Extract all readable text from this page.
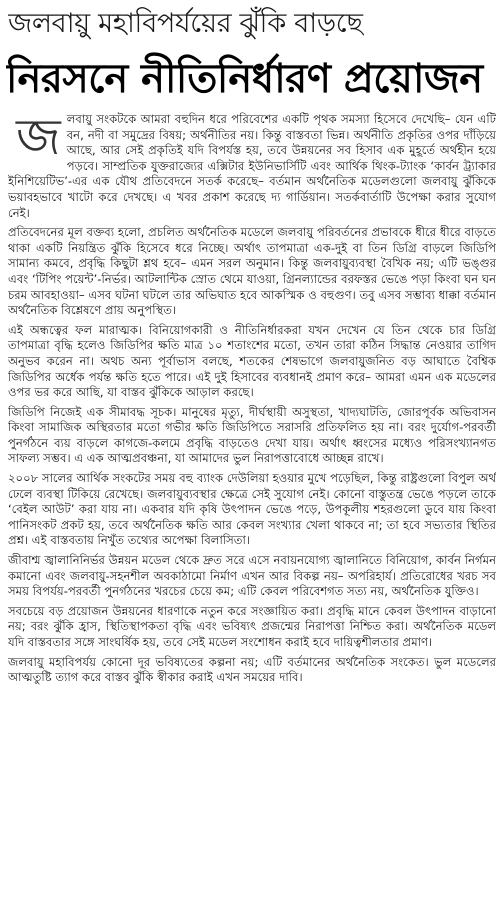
জলবায়ু মহাবিপর্যয়ের ঝুঁকি বাড়ছে
নিরসনে নীতিনির্ধারণ প্রয়োজন

জলবায়ু সংকটকে আমরা বহুদিন ধরে পরিবেশের একটি পৃথক সমস্যা হিসেবে দেখেছি– যেন এটি বন, নদী বা সমুদ্রের বিষয়; অর্থনীতির নয়। কিন্তু বাস্তবতা ভিন্ন। অর্থনীতি প্রকৃতির ওপর দাঁড়িয়ে আছে, আর সেই প্রকৃতিই যদি বিপর্যস্ত হয়, তবে উন্নয়নের সব হিসাব এক মুহূর্তে অর্থহীন হয়ে পড়বে। সাম্প্রতিক যুক্তরাজ্যের এক্সিটার ইউনিভার্সিটি এবং আর্থিক থিংক-ট্যাংক ‘কার্বন ট্র্যাকার ইনিশিয়েটিভ’-এর এক যৌথ প্রতিবেদনে সতর্ক করেছে– বর্তমান অর্থনৈতিক মডেলগুলো জলবায়ু ঝুঁকিকে ভয়াবহভাবে খাটো করে দেখছে। এ খবর প্রকাশ করেছে দ্য গার্ডিয়ান। সতর্কবার্তাটি উপেক্ষা করার সুযোগ নেই।

প্রতিবেদনের মূল বক্তব্য হলো, প্রচলিত অর্থনৈতিক মডেলে জলবায়ু পরিবর্তনের প্রভাবকে ধীরে ধীরে বাড়তে থাকা একটি নিয়ন্ত্রিত ঝুঁকি হিসেবে ধরে নিচ্ছে। অর্থাৎ তাপমাত্রা এক-দুই বা তিন ডিগ্রি বাড়লে জিডিপি সামান্য কমবে, প্রবৃদ্ধি কিছুটা শ্লথ হবে– এমন সরল অনুমান। কিন্তু জলবায়ুব্যবস্থা বৈখিক নয়; এটি ভঙ্গুর এবং ‘টিপিং পয়েন্ট’-নির্ভর। আটলান্টিক স্রোত থেমে যাওয়া, গ্রিনল্যান্ডের বরফস্তর ভেঙে পড়া কিংবা ঘন ঘন চরম আবহাওয়া– এসব ঘটনা ঘটলে তার অভিঘাত হবে আকস্মিক ও বহুগুণ। তবু এসব সম্ভাব্য ধাক্কা বর্তমান অর্থনৈতিক বিশ্লেষণে প্রায় অনুপস্থিত।

এই অন্ধত্বের ফল মারাত্মক। বিনিয়োগকারী ও নীতিনির্ধারকরা যখন দেখেন যে তিন থেকে চার ডিগ্রি তাপমাত্রা বৃদ্ধি হলেও জিডিপির ক্ষতি মাত্র ১০ শতাংশের মতো, তখন তারা কঠিন সিদ্ধান্ত নেওয়ার তাগিদ অনুভব করেন না। অথচ অন্য পূর্বাভাস বলছে, শতকের শেষভাগে জলবায়ুজনিত বড় আঘাতে বৈশ্বিক জিডিপির অর্ধেক পর্যন্ত ক্ষতি হতে পারে। এই দুই হিসাবের ব্যবধানই প্রমাণ করে– আমরা এমন এক মডেলের ওপর ভর করে আছি, যা বাস্তব ঝুঁকিকে আড়াল করছে।

জিডিপি নিজেই এক সীমাবদ্ধ সূচক। মানুষের মৃত্যু, দীর্ঘস্থায়ী অসুস্থতা, খাদ্যঘাটতি, জোরপূর্বক অভিবাসন কিংবা সামাজিক অস্থিরতার মতো গভীর ক্ষতি জিডিপিতে সরাসরি প্রতিফলিত হয় না। বরং দুর্যোগ-পরবর্তী পুনর্গঠনে ব্যয় বাড়লে কাগজে-কলমে প্রবৃদ্ধি বাড়তেও দেখা যায়। অর্থাৎ ধ্বংসের মধ্যেও পরিসংখ্যানগত সাফল্য সম্ভব। এ এক আত্মপ্রবঞ্চনা, যা আমাদের ভুল নিরাপত্তাবোধে আচ্ছন্ন রাখে।

২০০৮ সালের আর্থিক সংকটের সময় বহু ব্যাংক দেউলিয়া হওয়ার মুখে পড়েছিল, কিন্তু রাষ্ট্রগুলো বিপুল অর্থ ঢেলে ব্যবস্থা টিকিয়ে রেখেছে। জলবায়ুব্যবস্থার ক্ষেত্রে সেই সুযোগ নেই। কোনো বাস্তুতন্ত্র ভেঙে পড়লে তাকে ‘বেইল আউট’ করা যায় না। একবার যদি কৃষি উৎপাদন ভেঙে পড়ে, উপকূলীয় শহরগুলো ডুবে যায় কিংবা পানিসংকট প্রকট হয়, তবে অর্থনৈতিক ক্ষতি আর কেবল সংখ্যার খেলা থাকবে না; তা হবে সভ্যতার স্থিতির প্রশ্ন। এই বাস্তবতায় নিখুঁত তথ্যের অপেক্ষা বিলাসিতা।

জীবাশ্ম জ্বালানিনির্ভর উন্নয়ন মডেল থেকে দ্রুত সরে এসে নবায়নযোগ্য জ্বালানিতে বিনিয়োগ, কার্বন নির্গমন কমানো এবং জলবায়ু-সহনশীল অবকাঠামো নির্মাণ এখন আর বিকল্প নয়– অপরিহার্য। প্রতিরোধের খরচ সব সময় বিপর্যয়-পরবর্তী পুনর্গঠনের খরচের চেয়ে কম; এটি কেবল পরিবেশগত সত্য নয়, অর্থনৈতিক যুক্তিও।

সবচেয়ে বড় প্রয়োজন উন্নয়নের ধারণাকে নতুন করে সংজ্ঞায়িত করা। প্রবৃদ্ধি মানে কেবল উৎপাদন বাড়ানো নয়; বরং ঝুঁকি হ্রাস, স্থিতিস্থাপকতা বৃদ্ধি এবং ভবিষ্যৎ প্রজন্মের নিরাপত্তা নিশ্চিত করা। অর্থনৈতিক মডেল যদি বাস্তবতার সঙ্গে সাংঘর্ষিক হয়, তবে সেই মডেল সংশোধন করাই হবে দায়িত্বশীলতার প্রমাণ।

জলবায়ু মহাবিপর্যয় কোনো দূর ভবিষ্যতের কল্পনা নয়; এটি বর্তমানের অর্থনৈতিক সংকেত। ভুল মডেলের আত্মতুষ্টি ত্যাগ করে বাস্তব ঝুঁকি স্বীকার করাই এখন সময়ের দাবি।
